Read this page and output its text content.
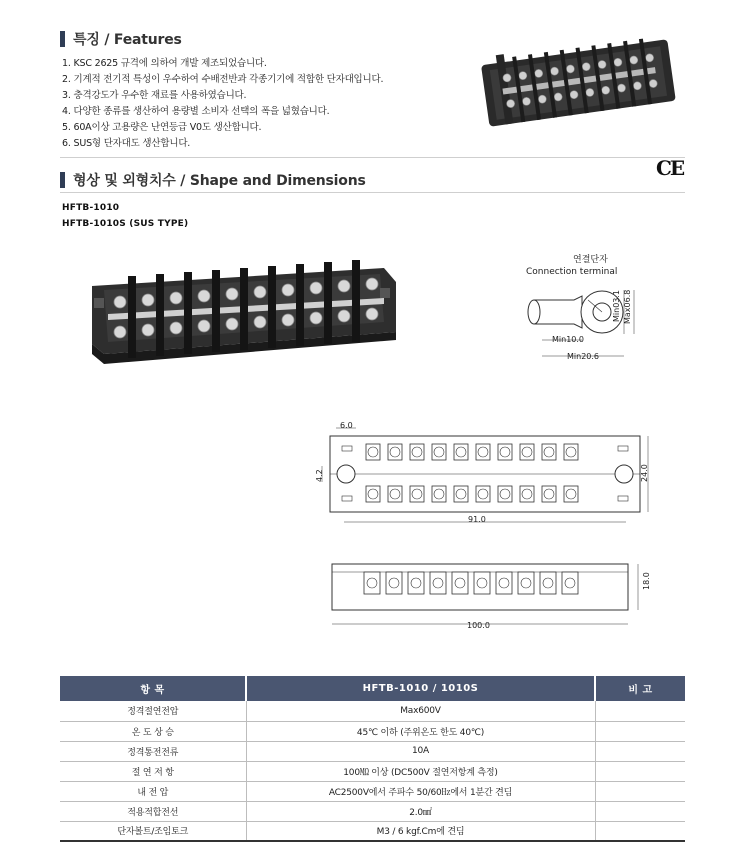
특징 / Features
1. KSC 2625 규격에 의하여 개발 제조되었습니다.
2. 기계적 전기적 특성이 우수하여 수배전반과 각종기기에 적합한 단자대입니다.
3. 충격강도가 우수한 재료를 사용하였습니다.
4. 다양한 종류를 생산하여 용량별 소비자 선택의 폭을 넓혔습니다.
5. 60A이상 고용량은 난연등급 V0도 생산합니다.
6. SUS형 단자대도 생산합니다.
형상 및 외형치수 / Shape and Dimensions
CE
HFTB-1010
HFTB-1010S (SUS TYPE)
연결단자
Connection terminal
Min10.0
Min20.6
Min03.1 Max06.8
6.0
4.2	24.0
91.0
100.0
18.0
항 목	HFTB-1010 / 1010S	비 고
정격절연전압	Max600V	
온 도 상 승	45℃ 이하 (주위온도 한도 40℃)	
정격통전전류	10A	
절 연 저 항	100㏁ 이상 (DC500V 절연저항계 측정)	
내 전 압	AC2500V에서 주파수 50/60㎐에서 1분간 견딤	
적용적합전선	2.0㎟	
단자볼트/조임토크	M3 / 6 kgf.Cm에 견딤	
